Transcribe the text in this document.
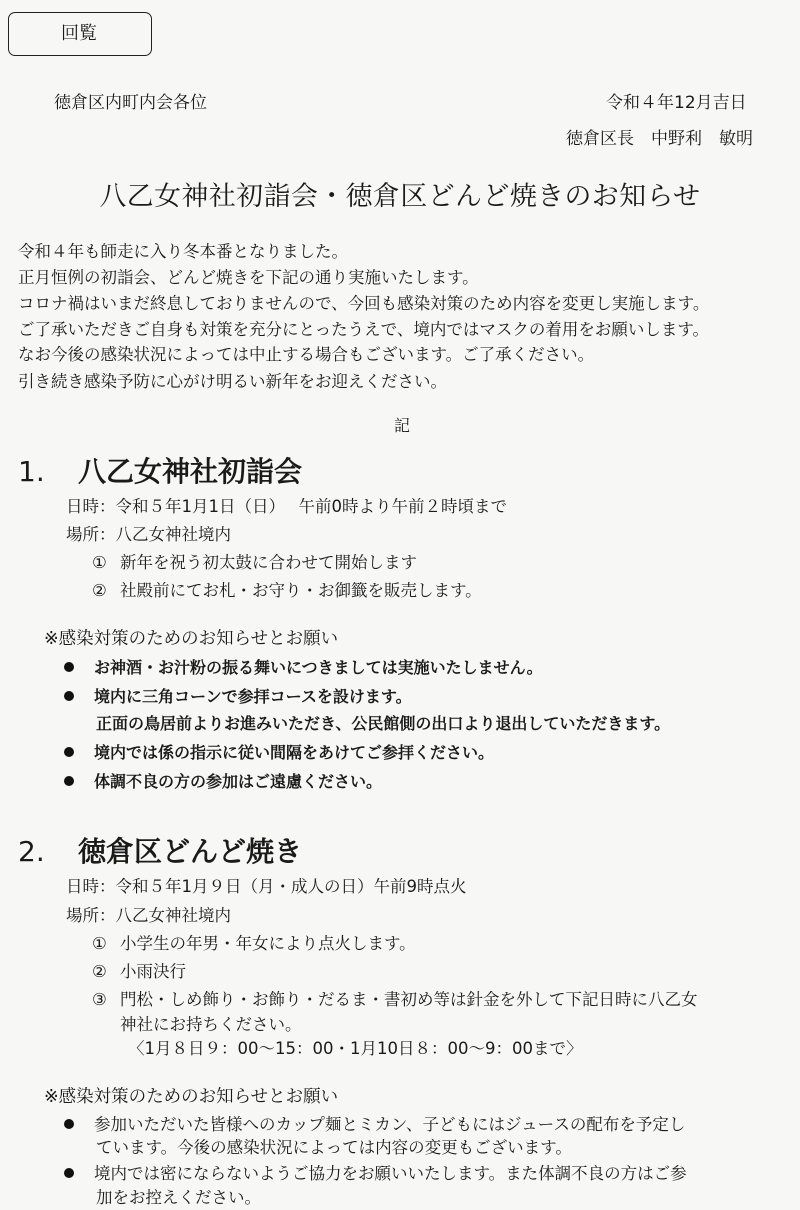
回覧
徳倉区内町内会各位	令和４年12月吉日
徳倉区長　中野利　敏明
八乙女神社初詣会・徳倉区どんど焼きのお知らせ
令和４年も師走に入り冬本番となりました。
正月恒例の初詣会、どんど焼きを下記の通り実施いたします。
コロナ禍はいまだ終息しておりませんので、今回も感染対策のため内容を変更し実施します。
ご了承いただきご自身も対策を充分にとったうえで、境内ではマスクの着用をお願いします。
なお今後の感染状況によっては中止する場合もございます。ご了承ください。
引き続き感染予防に心がけ明るい新年をお迎えください。
記
1. 八乙女神社初詣会
日時：令和５年1月1日（日）　 午前0時より午前２時頃まで
場所：八乙女神社境内
① 新年を祝う初太鼓に合わせて開始します
② 社殿前にてお札・お守り・お御籤を販売します。
※感染対策のためのお知らせとお願い
お神酒・お汁粉の振る舞いにつきましては実施いたしません。
境内に三角コーンで参拝コースを設けます。
正面の鳥居前よりお進みいただき、公民館側の出口より退出していただきます。
境内では係の指示に従い間隔をあけてご参拝ください。
体調不良の方の参加はご遠慮ください。
2. 徳倉区どんど焼き
日時：令和５年1月９日（月・成人の日）午前9時点火
場所：八乙女神社境内
① 小学生の年男・年女により点火します。
② 小雨決行
③ 門松・しめ飾り・お飾り・だるま・書初め等は針金を外して下記日時に八乙女
神社にお持ちください。
〈1月８日９：00～15：00・1月10日８：00～9：00まで〉
※感染対策のためのお知らせとお願い
参加いただいた皆様へのカップ麺とミカン、子どもにはジュースの配布を予定し
ています。今後の感染状況によっては内容の変更もございます。
境内では密にならないようご協力をお願いいたします。また体調不良の方はご参
加をお控えください。
